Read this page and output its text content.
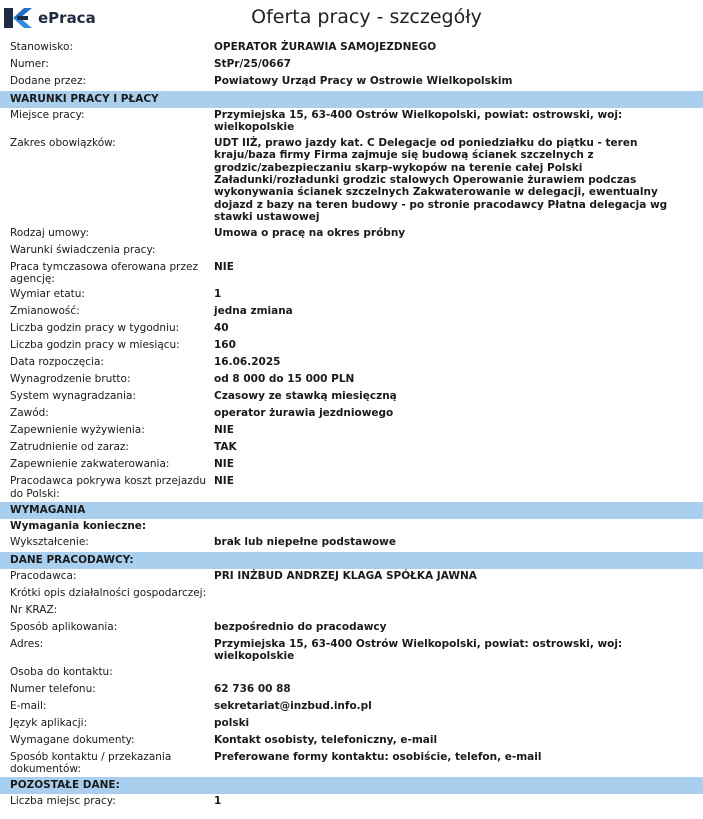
ePraca	Oferta pracy - szczegóły
Stanowisko:	OPERATOR ŻURAWIA SAMOJEZDNEGO
Numer:	StPr/25/0667
Dodane przez:	Powiatowy Urząd Pracy w Ostrowie Wielkopolskim
WARUNKI PRACY I PŁACY	
Miejsce pracy:	Przymiejska 15, 63-400 Ostrów Wielkopolski, powiat: ostrowski, woj: wielkopolskie
Zakres obowiązków:	UDT IIŻ, prawo jazdy kat. C Delegacje od poniedziałku do piątku - teren kraju/baza firmy Firma zajmuje się budową ścianek szczelnych z grodzic/zabezpieczaniu skarp-wykopów na terenie całej Polski Załadunki/rozładunki grodzic stalowych Operowanie żurawiem podczas wykonywania ścianek szczelnych Zakwaterowanie w delegacji, ewentualny dojazd z bazy na teren budowy - po stronie pracodawcy Płatna delegacja wg stawki ustawowej
Rodzaj umowy:	Umowa o pracę na okres próbny
Warunki świadczenia pracy:	
Praca tymczasowa oferowana przez agencję:	NIE
Wymiar etatu:	1
Zmianowość:	jedna zmiana
Liczba godzin pracy w tygodniu:	40
Liczba godzin pracy w miesiącu:	160
Data rozpoczęcia:	16.06.2025
Wynagrodzenie brutto:	od 8 000 do 15 000 PLN
System wynagradzania:	Czasowy ze stawką miesięczną
Zawód:	operator żurawia jezdniowego
Zapewnienie wyżywienia:	NIE
Zatrudnienie od zaraz:	TAK
Zapewnienie zakwaterowania:	NIE
Pracodawca pokrywa koszt przejazdu do Polski:	NIE
WYMAGANIA	
Wymagania konieczne:	
Wykształcenie:	brak lub niepełne podstawowe
DANE PRACODAWCY:	
Pracodawca:	PRI INŻBUD ANDRZEJ KLAGA SPÓŁKA JAWNA
Krótki opis działalności gospodarczej:	
Nr KRAZ:	
Sposób aplikowania:	bezpośrednio do pracodawcy
Adres:	Przymiejska 15, 63-400 Ostrów Wielkopolski, powiat: ostrowski, woj: wielkopolskie
Osoba do kontaktu:	
Numer telefonu:	62 736 00 88
E-mail:	sekretariat@inzbud.info.pl
Język aplikacji:	polski
Wymagane dokumenty:	Kontakt osobisty, telefoniczny, e-mail
Sposób kontaktu / przekazania dokumentów:	Preferowane formy kontaktu: osobiście, telefon, e-mail
POZOSTAŁE DANE:	
Liczba miejsc pracy:	1
